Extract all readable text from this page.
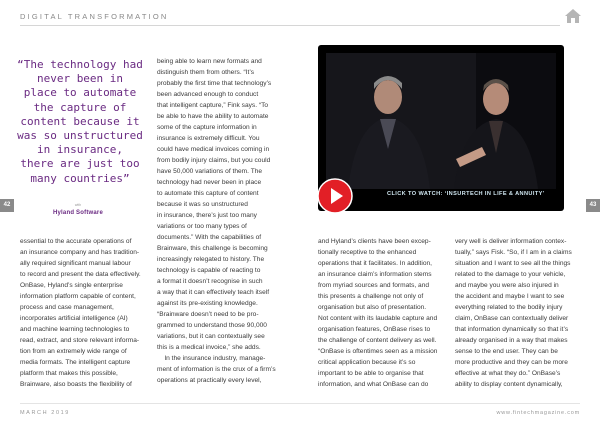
DIGITAL TRANSFORMATION
“The technology had
never been in
place to automate
the capture of
content because it
was so unstructured
in insurance,
there are just too
many countries”
with
Hyland Software
42	43

being able to learn new formats and

distinguish them from others. “It’s

probably the first time that technology’s

been advanced enough to conduct

that intelligent capture,” Fink says. “To

be able to have the ability to automate

some of the capture information in

insurance is extremely difficult. You

could have medical invoices coming in

from bodily injury claims, but you could

have 50,000 variations of them. The

technology had never been in place

to automate this capture of content

because it was so unstructured

in insurance, there’s just too many

variations or too many types of

essential to the accurate operations of

an insurance company and has tradition-

ally required significant manual labour

to record and present the data effectively.

OnBase, Hyland’s single enterprise

information platform capable of content,

process and case management,

incorporates artificial intelligence (AI)

and machine learning technologies to

read, extract, and store relevant informa-

tion from an extremely wide range of

media formats. The intelligent capture

platform that makes this possible,

Brainware, also boasts the flexibility of

documents.” With the capabilities of

Brainware, this challenge is becoming

increasingly relegated to history. The

technology is capable of reacting to

a format it doesn’t recognise in such

a way that it can effectively teach itself

against its pre-existing knowledge.

“Brainware doesn’t need to be pro-

grammed to understand those 90,000

variations, but it can contextually see

this is a medical invoice,” she adds.

In the insurance industry, manage-

ment of information is the crux of a firm’s

operations at practically every level,

CLICK TO WATCH: ‘INSURTECH IN LIFE & ANNUITY’

and Hyland’s clients have been excep-

tionally receptive to the enhanced

operations that it facilitates. In addition,

an insurance claim’s information stems

from myriad sources and formats, and

this presents a challenge not only of

organisation but also of presentation.

Not content with its laudable capture and

organisation features, OnBase rises to

the challenge of content delivery as well.

“OnBase is oftentimes seen as a mission

critical application because it’s so

important to be able to organise that

information, and what OnBase can do

very well is deliver information contex-

tually,” says Fisk. “So, if I am in a claims

situation and I want to see all the things

related to the damage to your vehicle,

and maybe you were also injured in

the accident and maybe I want to see

everything related to the bodily injury

claim, OnBase can contextually deliver

that information dynamically so that it’s

already organised in a way that makes

sense to the end user. They can be

more productive and they can be more

effective at what they do.” OnBase’s

ability to display content dynamically,

MARCH 2019	www.fintechmagazine.com
